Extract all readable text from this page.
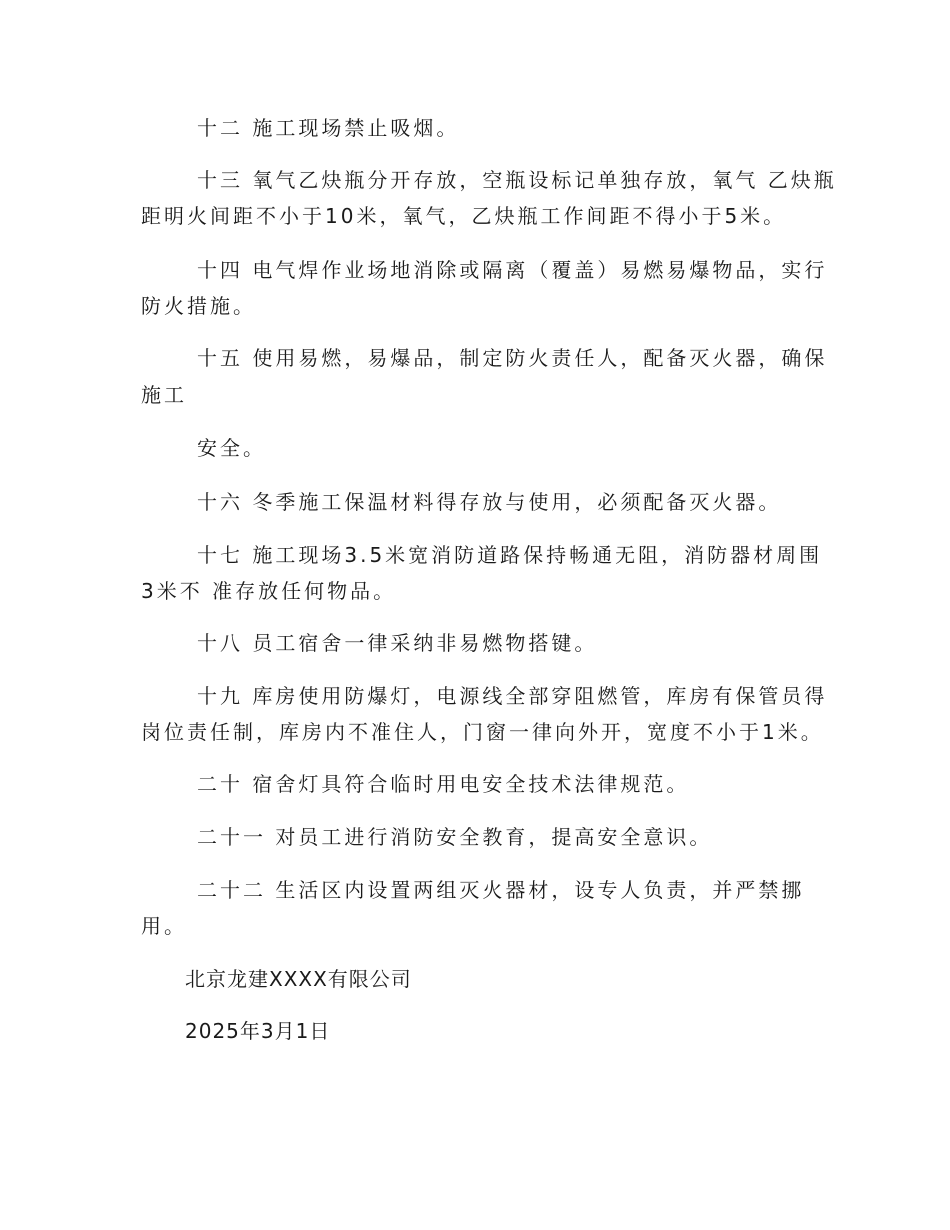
十二 施工现场禁止吸烟。
十三 氧气乙炔瓶分开存放，空瓶设标记单独存放，氧气 乙炔瓶
距明火间距不小于10米，氧气，乙炔瓶工作间距不得小于5米。
十四 电气焊作业场地消除或隔离（覆盖）易燃易爆物品，实行
防火措施。
十五 使用易燃，易爆品，制定防火责任人，配备灭火器，确保
施工
安全。
十六 冬季施工保温材料得存放与使用，必须配备灭火器。
十七 施工现场3.5米宽消防道路保持畅通无阻，消防器材周围
3米不 准存放任何物品。
十八 员工宿舍一律采纳非易燃物搭键。
十九 库房使用防爆灯，电源线全部穿阻燃管，库房有保管员得
岗位责任制，库房内不准住人，门窗一律向外开，宽度不小于1米。
二十 宿舍灯具符合临时用电安全技术法律规范。
二十一 对员工进行消防安全教育，提高安全意识。
二十二 生活区内设置两组灭火器材，设专人负责，并严禁挪
用。
北京龙建XXXX有限公司
2025年3月1日
